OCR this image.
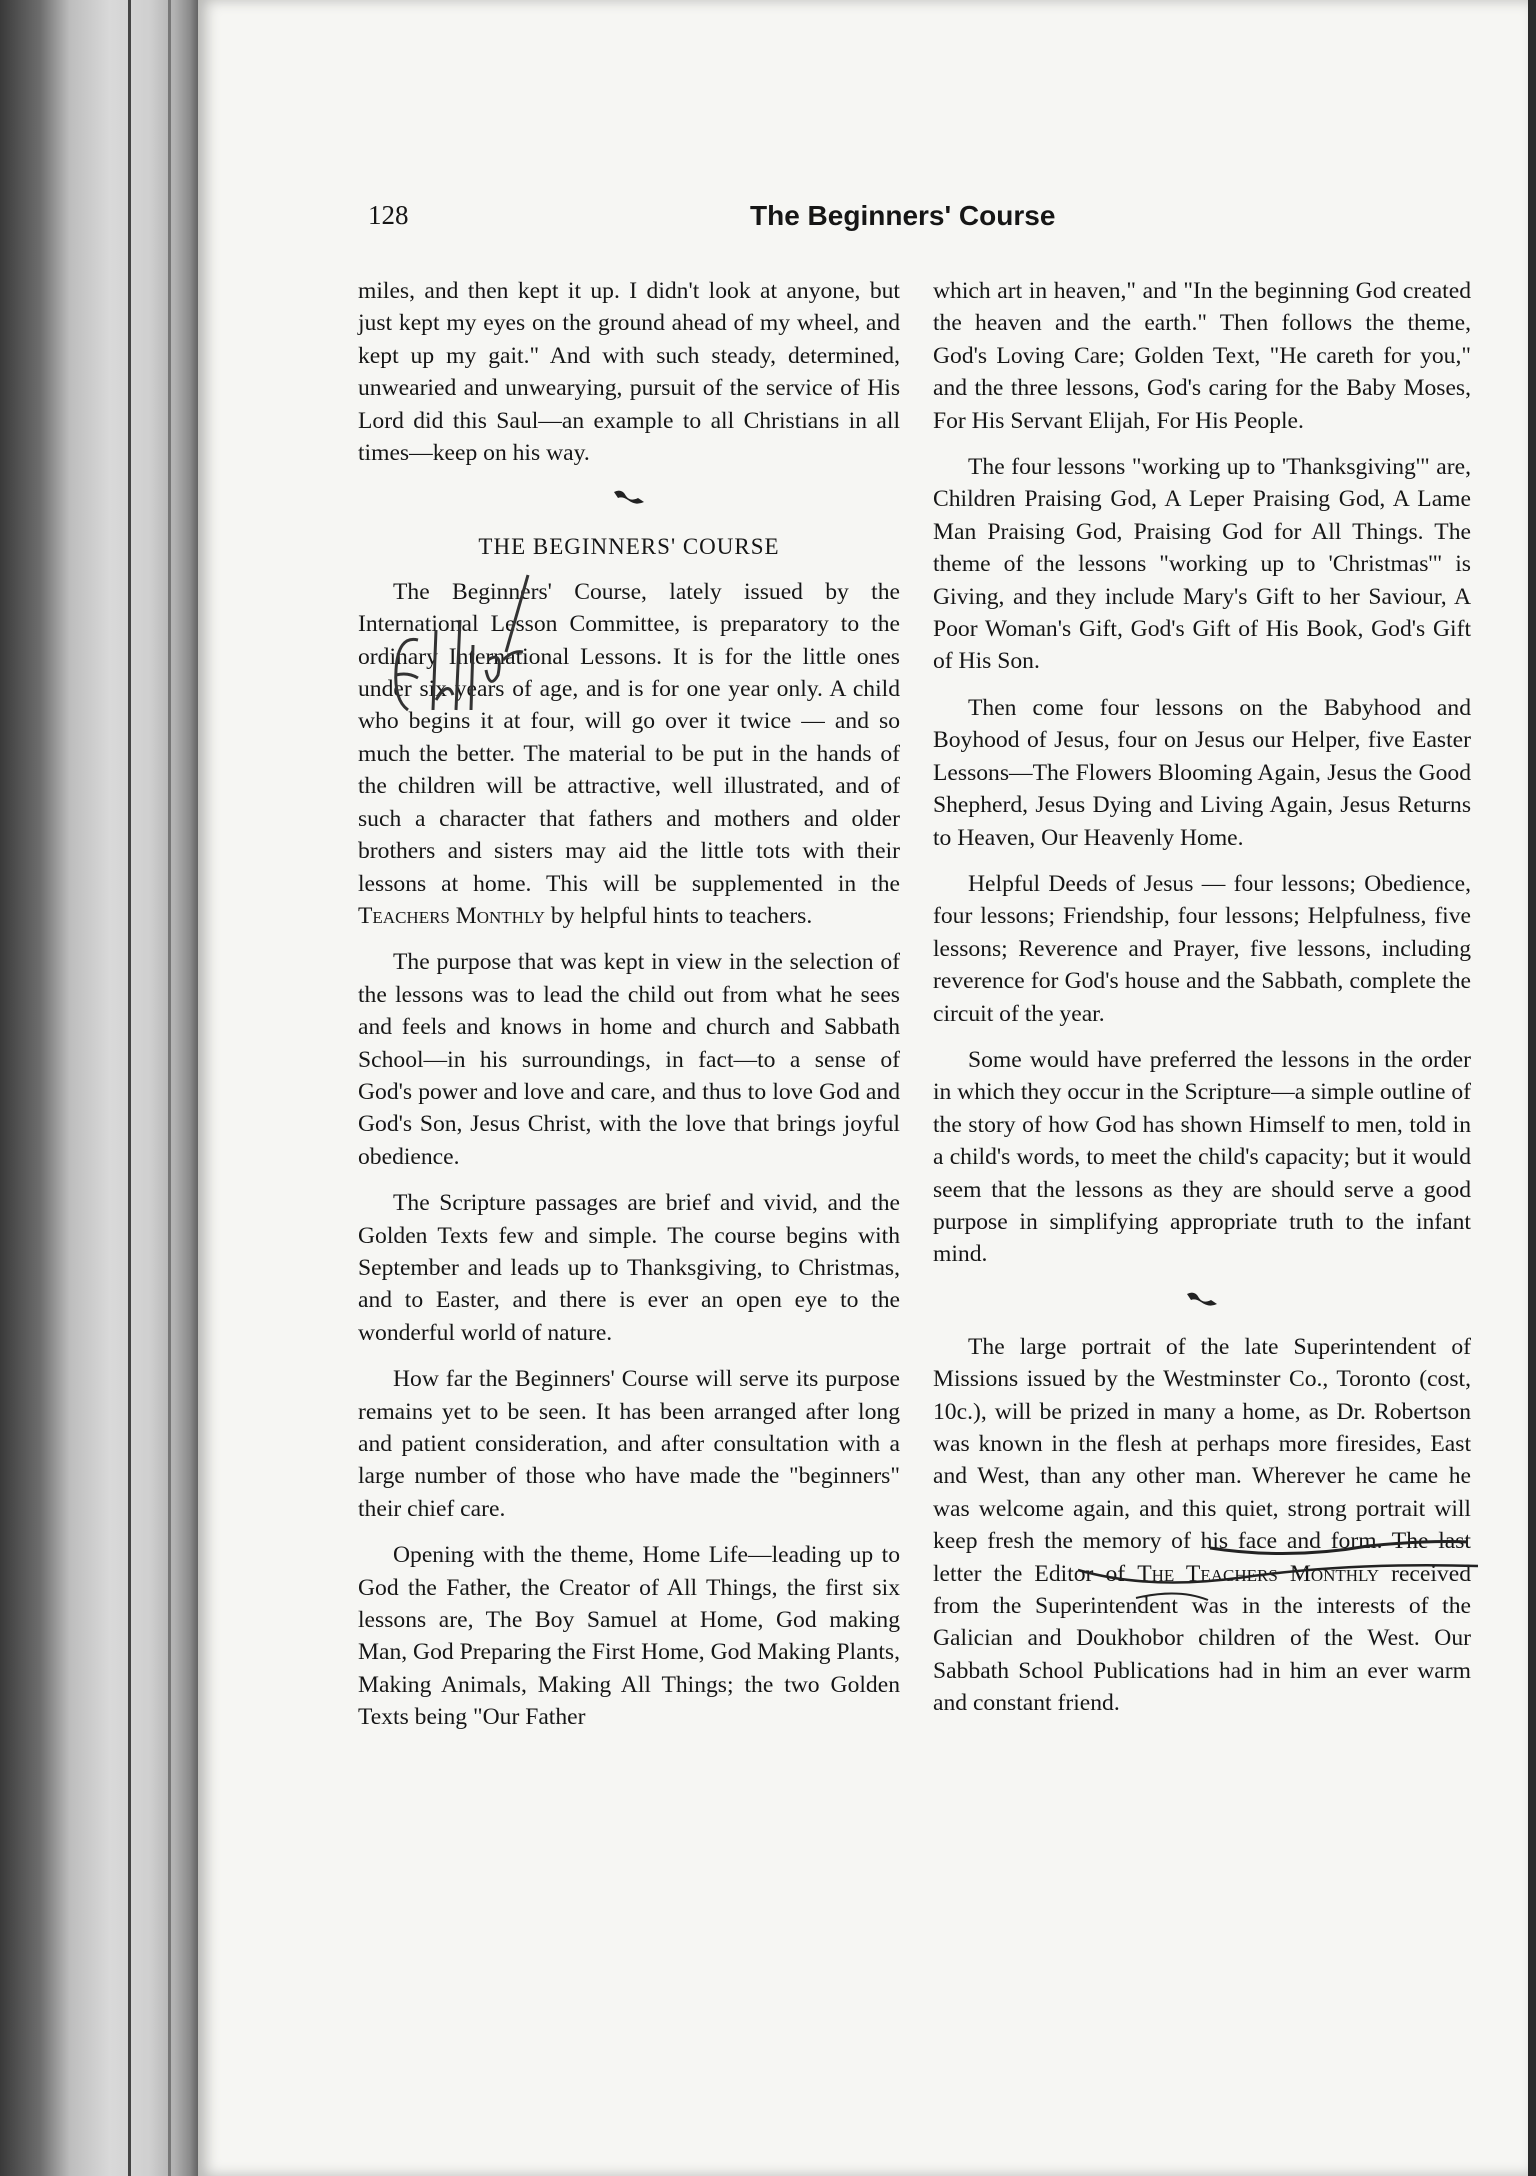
128	The Beginners' Course

miles, and then kept it up. I didn't look at anyone, but just kept my eyes on the ground ahead of my wheel, and kept up my gait." And with such steady, determined, unwearied and unwearying, pursuit of the service of His Lord did this Saul—an example to all Christians in all times—keep on his way.

THE BEGINNERS' COURSE

The Beginners' Course, lately issued by the International Lesson Committee, is preparatory to the ordinary International Lessons. It is for the little ones under six years of age, and is for one year only. A child who begins it at four, will go over it twice — and so much the better. The material to be put in the hands of the children will be attractive, well illustrated, and of such a character that fathers and mothers and older brothers and sisters may aid the little tots with their lessons at home. This will be supplemented in the Teachers Monthly by helpful hints to teachers.

The purpose that was kept in view in the selection of the lessons was to lead the child out from what he sees and feels and knows in home and church and Sabbath School—in his surroundings, in fact—to a sense of God's power and love and care, and thus to love God and God's Son, Jesus Christ, with the love that brings joyful obedience.

The Scripture passages are brief and vivid, and the Golden Texts few and simple. The course begins with September and leads up to Thanksgiving, to Christmas, and to Easter, and there is ever an open eye to the wonderful world of nature.

How far the Beginners' Course will serve its purpose remains yet to be seen. It has been arranged after long and patient consideration, and after consultation with a large number of those who have made the "beginners" their chief care.

Opening with the theme, Home Life—leading up to God the Father, the Creator of All Things, the first six lessons are, The Boy Samuel at Home, God making Man, God Preparing the First Home, God Making Plants, Making Animals, Making All Things; the two Golden Texts being "Our Father

which art in heaven," and "In the beginning God created the heaven and the earth." Then follows the theme, God's Loving Care; Golden Text, "He careth for you," and the three lessons, God's caring for the Baby Moses, For His Servant Elijah, For His People.

The four lessons "working up to 'Thanksgiving'" are, Children Praising God, A Leper Praising God, A Lame Man Praising God, Praising God for All Things. The theme of the lessons "working up to 'Christmas'" is Giving, and they include Mary's Gift to her Saviour, A Poor Woman's Gift, God's Gift of His Book, God's Gift of His Son.

Then come four lessons on the Babyhood and Boyhood of Jesus, four on Jesus our Helper, five Easter Lessons—The Flowers Blooming Again, Jesus the Good Shepherd, Jesus Dying and Living Again, Jesus Returns to Heaven, Our Heavenly Home.

Helpful Deeds of Jesus — four lessons; Obedience, four lessons; Friendship, four lessons; Helpfulness, five lessons; Reverence and Prayer, five lessons, including reverence for God's house and the Sabbath, complete the circuit of the year.

Some would have preferred the lessons in the order in which they occur in the Scripture—a simple outline of the story of how God has shown Himself to men, told in a child's words, to meet the child's capacity; but it would seem that the lessons as they are should serve a good purpose in simplifying appropriate truth to the infant mind.

The large portrait of the late Superintendent of Missions issued by the Westminster Co., Toronto (cost, 10c.), will be prized in many a home, as Dr. Robertson was known in the flesh at perhaps more firesides, East and West, than any other man. Wherever he came he was welcome again, and this quiet, strong portrait will keep fresh the memory of his face and form. The last letter the Editor of The Teachers Monthly received from the Superintendent was in the interests of the Galician and Doukhobor children of the West. Our Sabbath School Publications had in him an ever warm and constant friend.
